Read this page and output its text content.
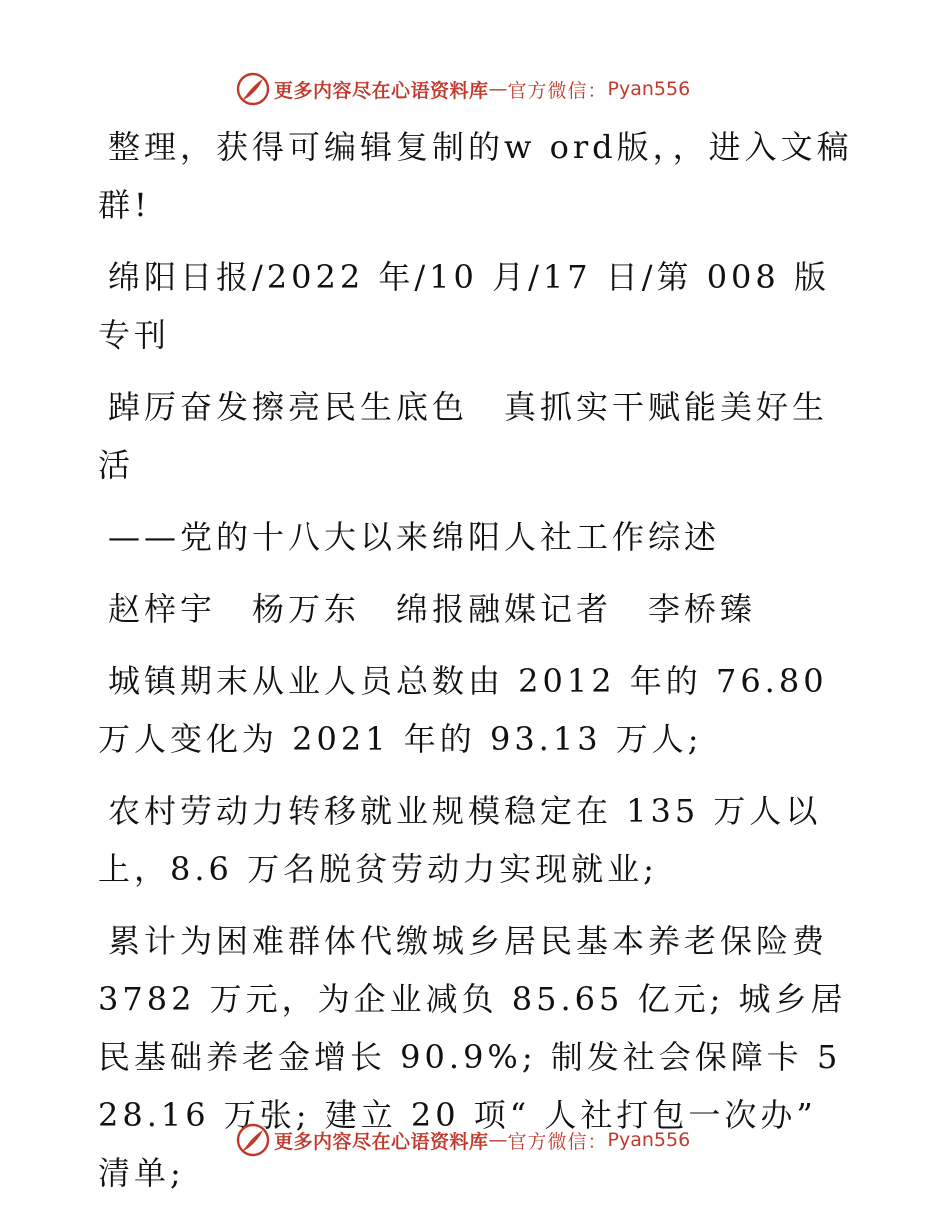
更多内容尽在心语资料库 — 官方微信： Pyan556

整理，获得可编辑复制的w ord版，，进入文稿群!

绵阳日报/2022 年/10 月/17 日/第 008 版专刊

踔厉奋发擦亮民生底色　真抓实干赋能美好生活

——党的十八大以来绵阳人社工作综述

赵梓宇　杨万东　绵报融媒记者　李桥臻

城镇期末从业人员总数由 2012 年的 76.80 万人变化为 2021 年的 93.13 万人;

农村劳动力转移就业规模稳定在 135 万人以上，8.6 万名脱贫劳动力实现就业;

累计为困难群体代缴城乡居民基本养老保险费 3782 万元，为企业减负 85.65 亿元; 城乡居民基础养老金增长 90.9%; 制发社会保障卡 528.16 万张; 建立 20 项“ 人社打包一次办” 清单;

更多内容尽在心语资料库 — 官方微信： Pyan556
